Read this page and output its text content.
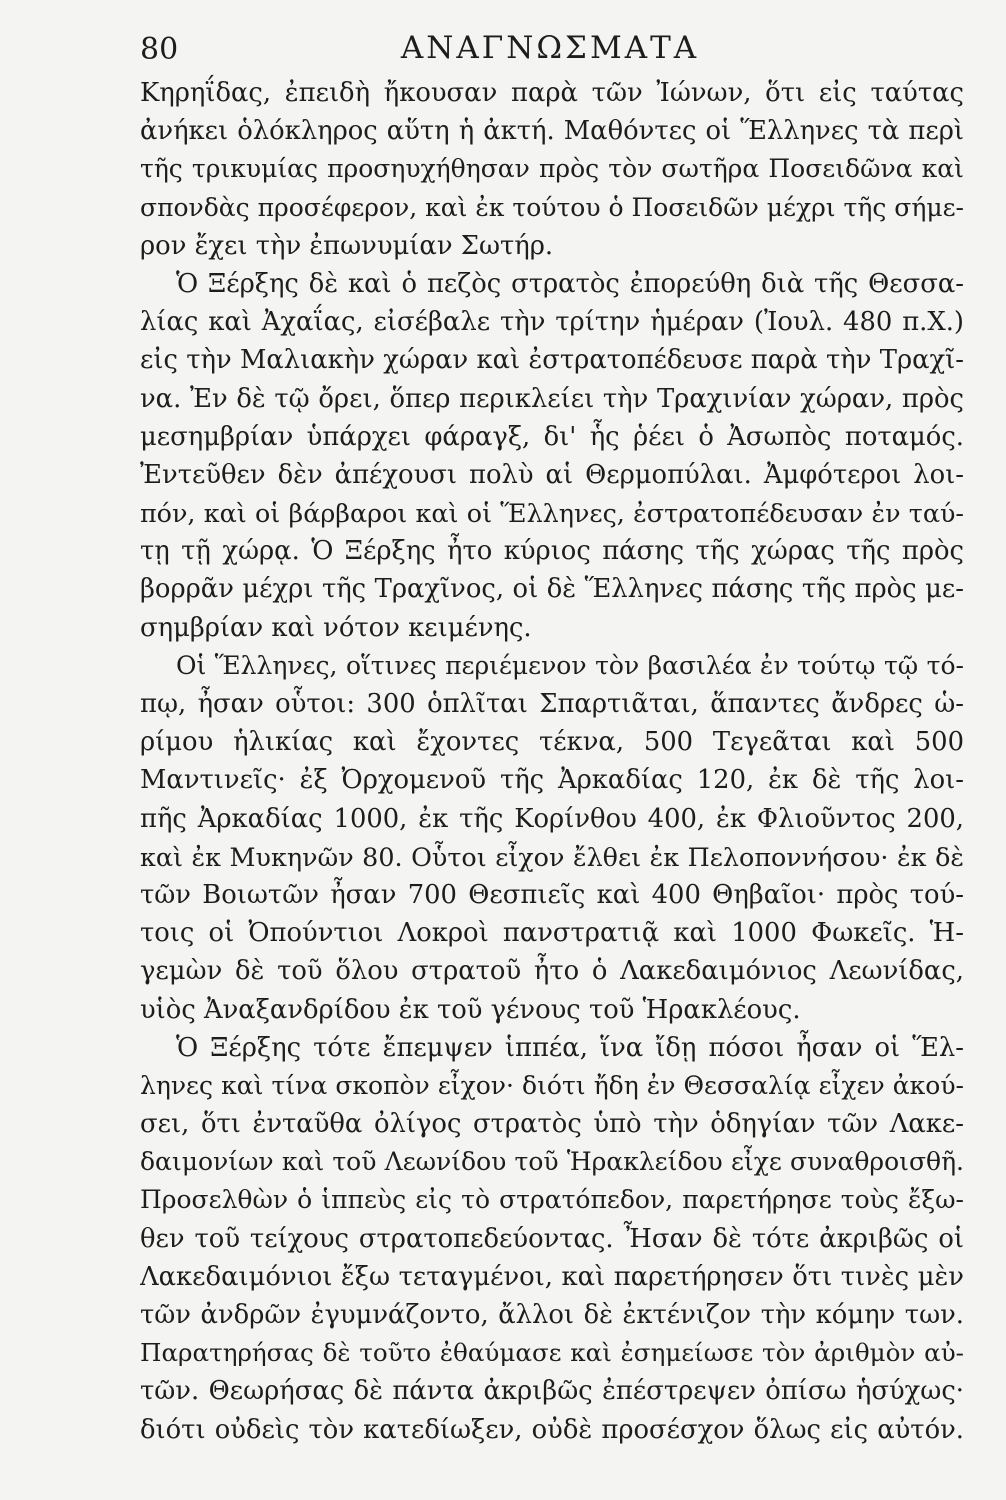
80	ΑΝΑΓΝΩΣΜΑΤΑ
Κηρηΐδας, ἐπειδὴ ἤκουσαν παρὰ τῶν Ἰώνων, ὅτι εἰς ταύτας
ἀνήκει ὁλόκληρος αὕτη ἡ ἀκτή. Μαθόντες οἱ Ἕλληνες τὰ περὶ
τῆς τρικυμίας προσηυχήθησαν πρὸς τὸν σωτῆρα Ποσειδῶνα καὶ
σπονδὰς προσέφερον, καὶ ἐκ τούτου ὁ Ποσειδῶν μέχρι τῆς σήμε-
ρον ἔχει τὴν ἐπωνυμίαν Σωτήρ.
Ὁ Ξέρξης δὲ καὶ ὁ πεζὸς στρατὸς ἐπορεύθη διὰ τῆς Θεσσα-
λίας καὶ Ἀχαΐας, εἰσέβαλε τὴν τρίτην ἡμέραν (Ἰουλ. 480 π.Χ.)
εἰς τὴν Μαλιακὴν χώραν καὶ ἐστρατοπέδευσε παρὰ τὴν Τραχῖ-
να. Ἐν δὲ τῷ ὄρει, ὅπερ περικλείει τὴν Τραχινίαν χώραν, πρὸς
μεσημβρίαν ὑπάρχει φάραγξ, δι' ἧς ῥέει ὁ Ἀσωπὸς ποταμός.
Ἐντεῦθεν δὲν ἀπέχουσι πολὺ αἱ Θερμοπύλαι. Ἀμφότεροι λοι-
πόν, καὶ οἱ βάρβαροι καὶ οἱ Ἕλληνες, ἐστρατοπέδευσαν ἐν ταύ-
τῃ τῇ χώρᾳ. Ὁ Ξέρξης ἦτο κύριος πάσης τῆς χώρας τῆς πρὸς
βορρᾶν μέχρι τῆς Τραχῖνος, οἱ δὲ Ἕλληνες πάσης τῆς πρὸς με-
σημβρίαν καὶ νότον κειμένης.
Οἱ Ἕλληνες, οἵτινες περιέμενον τὸν βασιλέα ἐν τούτῳ τῷ τό-
πῳ, ἦσαν οὗτοι: 300 ὁπλῖται Σπαρτιᾶται, ἅπαντες ἄνδρες ὡ-
ρίμου ἡλικίας καὶ ἔχοντες τέκνα, 500 Τεγεᾶται καὶ 500
Μαντινεῖς· ἐξ Ὀρχομενοῦ τῆς Ἀρκαδίας 120, ἐκ δὲ τῆς λοι-
πῆς Ἀρκαδίας 1000, ἐκ τῆς Κορίνθου 400, ἐκ Φλιοῦντος 200,
καὶ ἐκ Μυκηνῶν 80. Οὗτοι εἶχον ἔλθει ἐκ Πελοποννήσου· ἐκ δὲ
τῶν Βοιωτῶν ἦσαν 700 Θεσπιεῖς καὶ 400 Θηβαῖοι· πρὸς τού-
τοις οἱ Ὀπούντιοι Λοκροὶ πανστρατιᾷ καὶ 1000 Φωκεῖς. Ἡ-
γεμὼν δὲ τοῦ ὅλου στρατοῦ ἦτο ὁ Λακεδαιμόνιος Λεωνίδας,
υἱὸς Ἀναξανδρίδου ἐκ τοῦ γένους τοῦ Ἡρακλέους.
Ὁ Ξέρξης τότε ἔπεμψεν ἱππέα, ἵνα ἴδῃ πόσοι ἦσαν οἱ Ἕλ-
ληνες καὶ τίνα σκοπὸν εἶχον· διότι ἤδη ἐν Θεσσαλίᾳ εἶχεν ἀκού-
σει, ὅτι ἐνταῦθα ὀλίγος στρατὸς ὑπὸ τὴν ὁδηγίαν τῶν Λακε-
δαιμονίων καὶ τοῦ Λεωνίδου τοῦ Ἡρακλείδου εἶχε συναθροισθῆ.
Προσελθὼν ὁ ἱππεὺς εἰς τὸ στρατόπεδον, παρετήρησε τοὺς ἔξω-
θεν τοῦ τείχους στρατοπεδεύοντας. Ἦσαν δὲ τότε ἀκριβῶς οἱ
Λακεδαιμόνιοι ἔξω τεταγμένοι, καὶ παρετήρησεν ὅτι τινὲς μὲν
τῶν ἀνδρῶν ἐγυμνάζοντο, ἄλλοι δὲ ἐκτένιζον τὴν κόμην των.
Παρατηρήσας δὲ τοῦτο ἐθαύμασε καὶ ἐσημείωσε τὸν ἀριθμὸν αὐ-
τῶν. Θεωρήσας δὲ πάντα ἀκριβῶς ἐπέστρεψεν ὀπίσω ἡσύχως·
διότι οὐδεὶς τὸν κατεδίωξεν, οὐδὲ προσέσχον ὅλως εἰς αὐτόν.
